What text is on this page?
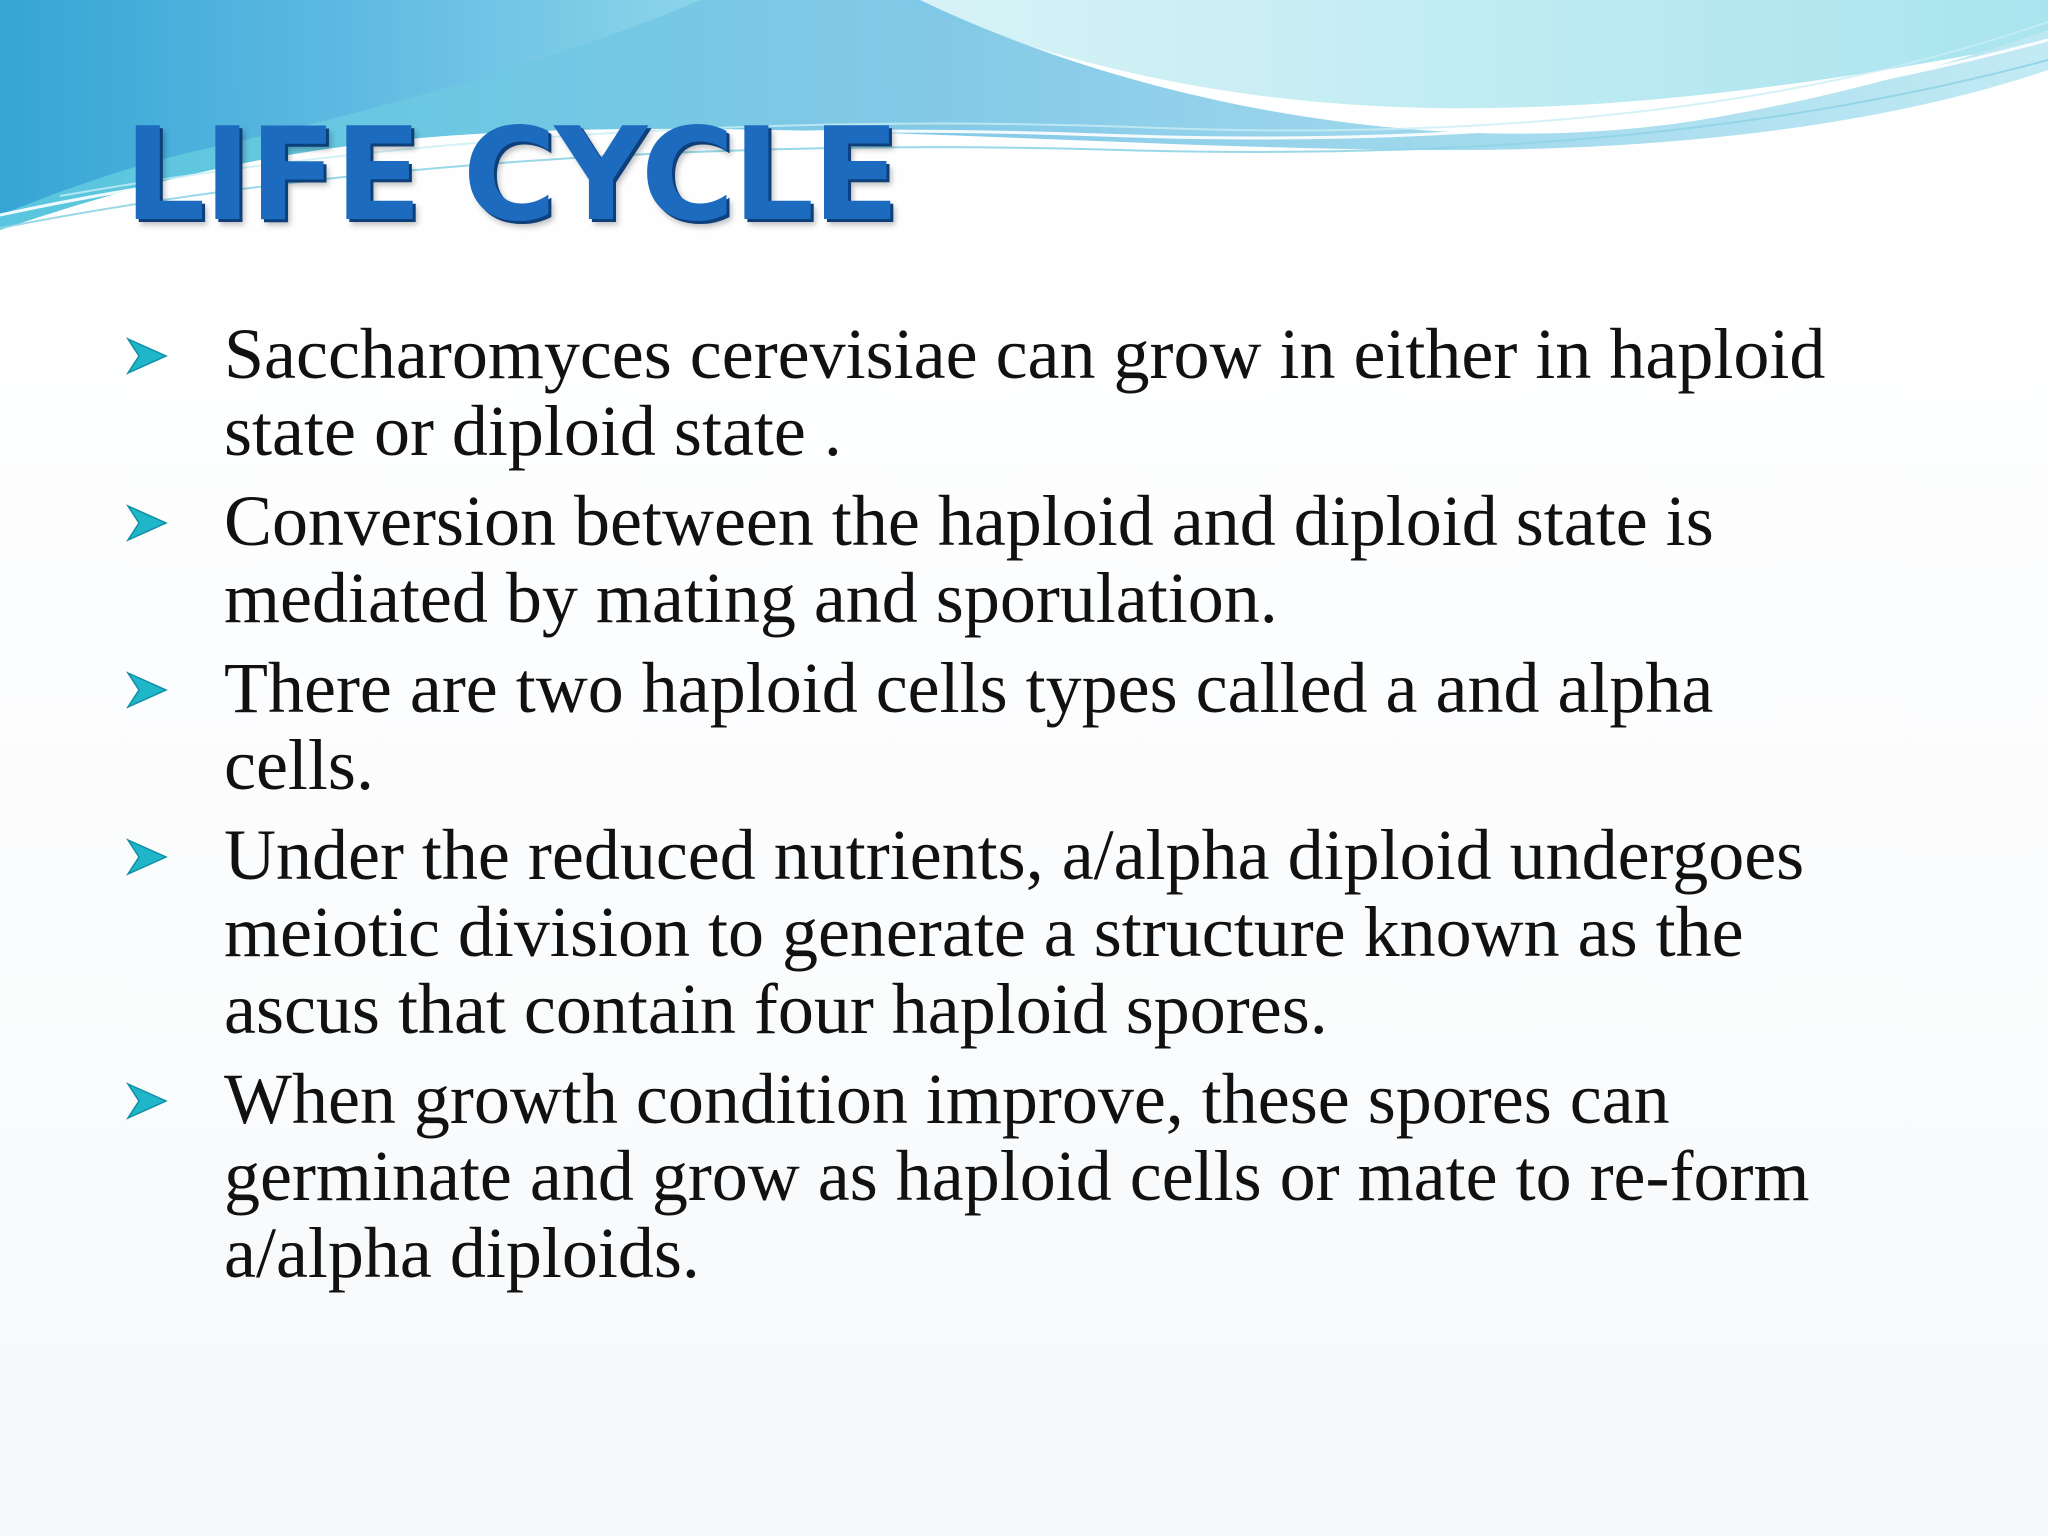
LIFE CYCLE
Saccharomyces cerevisiae can grow in either in haploid state or diploid state .
Conversion between the haploid and diploid state is mediated by mating and sporulation.
There are two haploid cells types called a and alpha cells.
Under the reduced nutrients, a/alpha diploid undergoes meiotic division to generate a structure known as the ascus that contain four haploid spores.
When growth condition improve, these spores can germinate and grow as haploid cells or mate to re-form a/alpha diploids.
